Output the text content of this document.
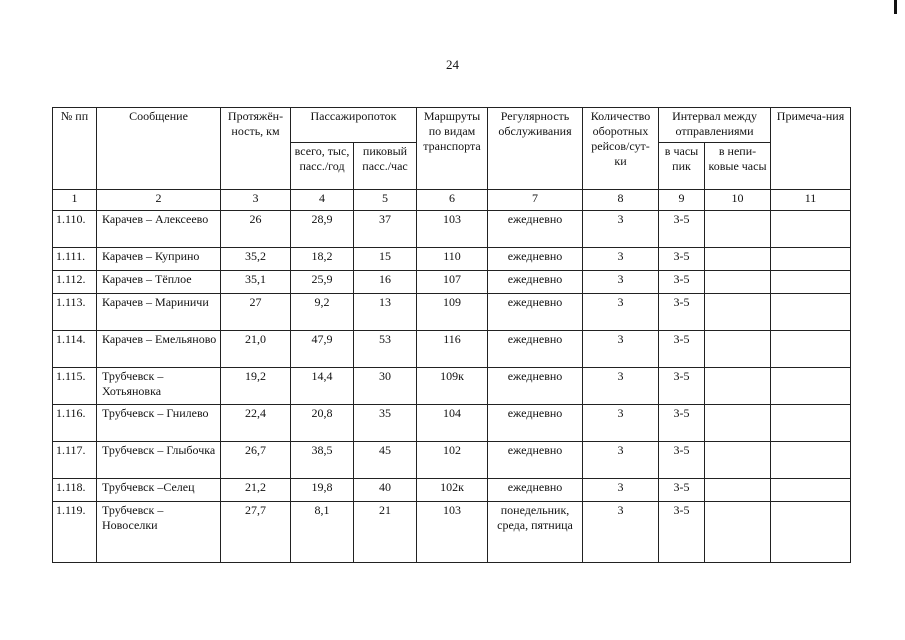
24
№ пп	Сообщение	Протяжён-ность, км	Пассажиропоток		Маршруты по видам транспорта	Регулярность обслуживания	Количество оборотных рейсов/сут-ки	Интервал между отправлениями		Примеча-ния
			всего, тыс, пасс./год	пиковый пасс./час				в часы пик	в непи-ковые часы	
1	2	3	4	5	6	7	8	9	10	11
1.110.	Карачев – Алексеево	26	28,9	37	103	ежедневно	3	3-5		
1.111.	Карачев – Куприно	35,2	18,2	15	110	ежедневно	3	3-5		
1.112.	Карачев – Тёплое	35,1	25,9	16	107	ежедневно	3	3-5		
1.113.	Карачев – Мариничи	27	9,2	13	109	ежедневно	3	3-5		
1.114.	Карачев – Емельяново	21,0	47,9	53	116	ежедневно	3	3-5		
1.115.	Трубчевск – Хотьяновка	19,2	14,4	30	109к	ежедневно	3	3-5		
1.116.	Трубчевск – Гнилево	22,4	20,8	35	104	ежедневно	3	3-5		
1.117.	Трубчевск – Глыбочка	26,7	38,5	45	102	ежедневно	3	3-5		
1.118.	Трубчевск –Селец	21,2	19,8	40	102к	ежедневно	3	3-5		
1.119.	Трубчевск – Новоселки	27,7	8,1	21	103	понедельник, среда, пятница	3	3-5		
